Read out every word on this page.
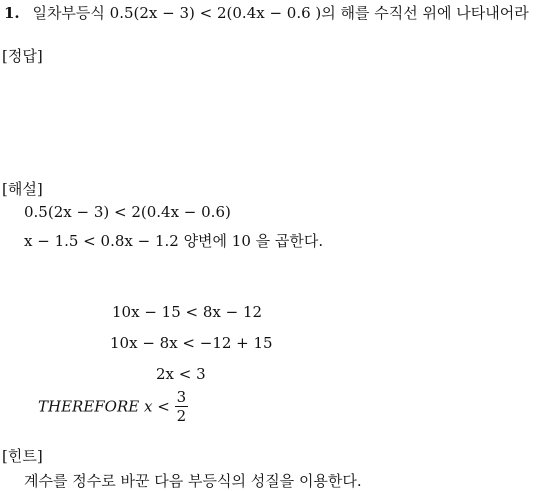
1. 일차부등식 0.5(2x − 3) < 2(0.4x − 0.6 )의 해를 수직선 위에 나타내어라
[정답]
[해설]
0.5(2x − 3) < 2(0.4x − 0.6)
x − 1.5 < 0.8x − 1.2 양변에 10 을 곱한다.
10x − 15 < 8x − 12
10x − 8x < −12 + 15
2x < 3
THEREFORE $x < \frac{3}{2}$
[힌트]
계수를 정수로 바꾼 다음 부등식의 성질을 이용한다.
